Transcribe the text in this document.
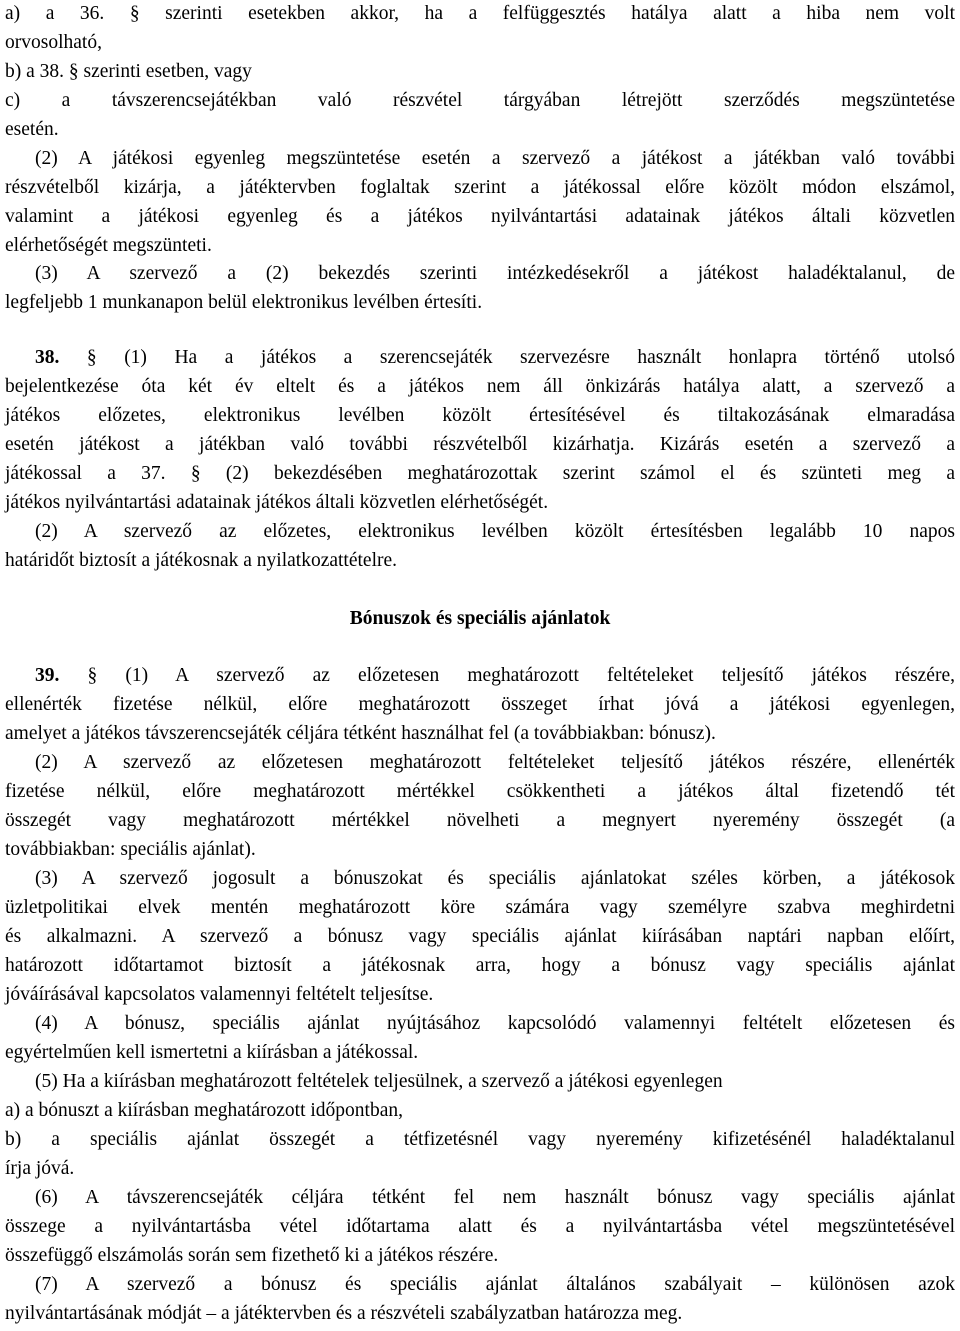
a) a 36. § szerinti esetekben akkor, ha a felfüggesztés hatálya alatt a hiba nem volt
orvosolható,
b) a 38. § szerinti esetben, vagy
c) a távszerencsejátékban való részvétel tárgyában létrejött szerződés megszüntetése
esetén.
(2) A játékosi egyenleg megszüntetése esetén a szervező a játékost a játékban való további
részvételből kizárja, a játéktervben foglaltak szerint a játékossal előre közölt módon elszámol,
valamint a játékosi egyenleg és a játékos nyilvántartási adatainak játékos általi közvetlen
elérhetőségét megszünteti.
(3) A szervező a (2) bekezdés szerinti intézkedésekről a játékost haladéktalanul, de
legfeljebb 1 munkanapon belül elektronikus levélben értesíti.
38. § (1) Ha a játékos a szerencsejáték szervezésre használt honlapra történő utolsó
bejelentkezése óta két év eltelt és a játékos nem áll önkizárás hatálya alatt, a szervező a
játékos előzetes, elektronikus levélben közölt értesítésével és tiltakozásának elmaradása
esetén játékost a játékban való további részvételből kizárhatja. Kizárás esetén a szervező a
játékossal a 37. § (2) bekezdésében meghatározottak szerint számol el és szünteti meg a
játékos nyilvántartási adatainak játékos általi közvetlen elérhetőségét.
(2) A szervező az előzetes, elektronikus levélben közölt értesítésben legalább 10 napos
határidőt biztosít a játékosnak a nyilatkozattételre.
Bónuszok és speciális ajánlatok
39. § (1) A szervező az előzetesen meghatározott feltételeket teljesítő játékos részére,
ellenérték fizetése nélkül, előre meghatározott összeget írhat jóvá a játékosi egyenlegen,
amelyet a játékos távszerencsejáték céljára tétként használhat fel (a továbbiakban: bónusz).
(2) A szervező az előzetesen meghatározott feltételeket teljesítő játékos részére, ellenérték
fizetése nélkül, előre meghatározott mértékkel csökkentheti a játékos által fizetendő tét
összegét vagy meghatározott mértékkel növelheti a megnyert nyeremény összegét (a
továbbiakban: speciális ajánlat).
(3) A szervező jogosult a bónuszokat és speciális ajánlatokat széles körben, a játékosok
üzletpolitikai elvek mentén meghatározott köre számára vagy személyre szabva meghirdetni
és alkalmazni. A szervező a bónusz vagy speciális ajánlat kiírásában naptári napban előírt,
határozott időtartamot biztosít a játékosnak arra, hogy a bónusz vagy speciális ajánlat
jóváírásával kapcsolatos valamennyi feltételt teljesítse.
(4) A bónusz, speciális ajánlat nyújtásához kapcsolódó valamennyi feltételt előzetesen és
egyértelműen kell ismertetni a kiírásban a játékossal.
(5) Ha a kiírásban meghatározott feltételek teljesülnek, a szervező a játékosi egyenlegen
a) a bónuszt a kiírásban meghatározott időpontban,
b) a speciális ajánlat összegét a tétfizetésnél vagy nyeremény kifizetésénél haladéktalanul
írja jóvá.
(6) A távszerencsejáték céljára tétként fel nem használt bónusz vagy speciális ajánlat
összege a nyilvántartásba vétel időtartama alatt és a nyilvántartásba vétel megszüntetésével
összefüggő elszámolás során sem fizethető ki a játékos részére.
(7) A szervező a bónusz és speciális ajánlat általános szabályait – különösen azok
nyilvántartásának módját – a játéktervben és a részvételi szabályzatban határozza meg.
